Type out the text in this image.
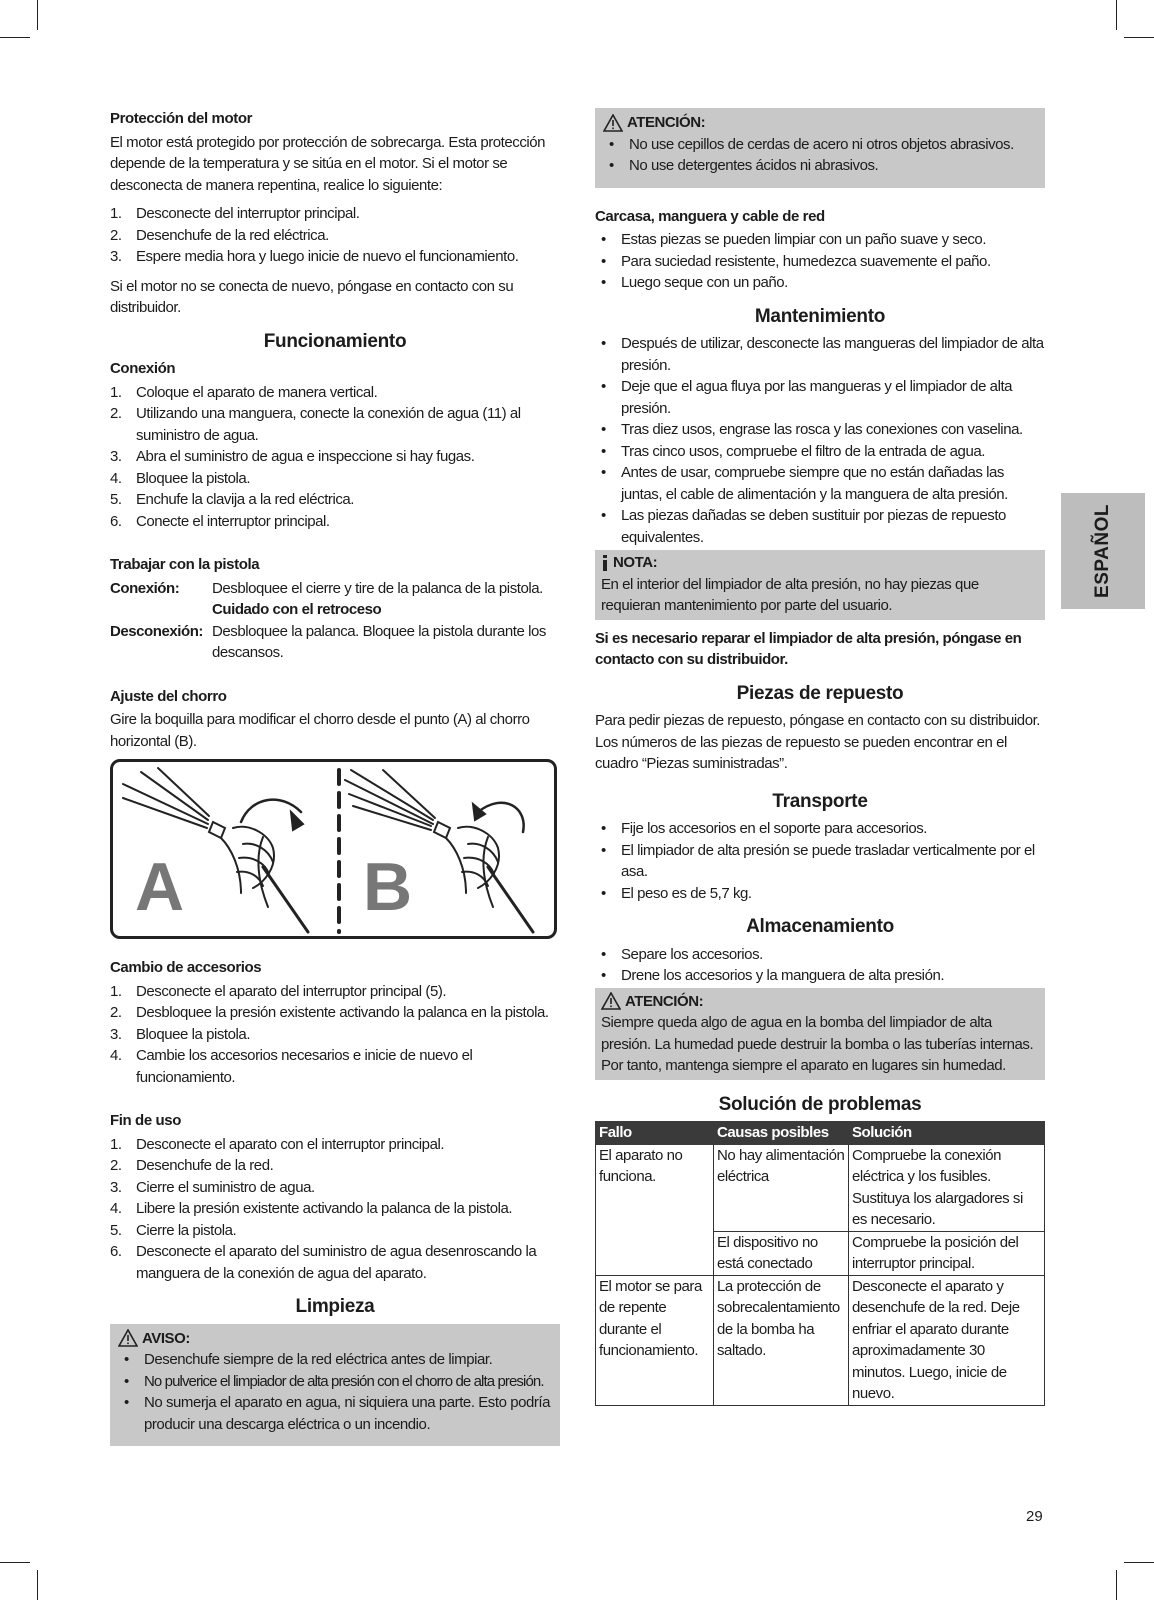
Protección del motor

El motor está protegido por protección de sobrecarga. Esta protección depende de la temperatura y se sitúa en el motor. Si el motor se desconecta de manera repentina, realice lo siguiente:

1. Desconecte del interruptor principal.
2. Desenchufe de la red eléctrica.
3. Espere media hora y luego inicie de nuevo el funcionamiento.

Si el motor no se conecta de nuevo, póngase en contacto con su distribuidor.

Funcionamiento
Conexión
1. Coloque el aparato de manera vertical.
2. Utilizando una manguera, conecte la conexión de agua (11) al suministro de agua.
3. Abra el suministro de agua e inspeccione si hay fugas.
4. Bloquee la pistola.
5. Enchufe la clavija a la red eléctrica.
6. Conecte el interruptor principal.
Trabajar con la pistola
Conexión:	Desbloquee el cierre y tire de la palanca de la pistola.
Cuidado con el retroceso
Desconexión: Desbloquee la palanca. Bloquee la pistola durante los descansos.
Ajuste del chorro

Gire la boquilla para modificar el chorro desde el punto (A) al chorro horizontal (B).

A	B
Cambio de accesorios
1. Desconecte el aparato del interruptor principal (5).
2. Desbloquee la presión existente activando la palanca en la pistola.
3. Bloquee la pistola.
4. Cambie los accesorios necesarios e inicie de nuevo el funcionamiento.
Fin de uso
1. Desconecte el aparato con el interruptor principal.
2. Desenchufe de la red.
3. Cierre el suministro de agua.
4. Libere la presión existente activando la palanca de la pistola.
5. Cierre la pistola.
6. Desconecte el aparato del suministro de agua desenroscando la manguera de la conexión de agua del aparato.
Limpieza
AVISO:
• Desenchufe siempre de la red eléctrica antes de limpiar.
• No pulverice el limpiador de alta presión con el chorro de alta presión.
• No sumerja el aparato en agua, ni siquiera una parte. Esto podría producir una descarga eléctrica o un incendio.
ATENCIÓN:
• No use cepillos de cerdas de acero ni otros objetos abrasivos.
• No use detergentes ácidos ni abrasivos.
Carcasa, manguera y cable de red
• Estas piezas se pueden limpiar con un paño suave y seco.
• Para suciedad resistente, humedezca suavemente el paño.
• Luego seque con un paño.
Mantenimiento
• Después de utilizar, desconecte las mangueras del limpiador de alta presión.
• Deje que el agua fluya por las mangueras y el limpiador de alta presión.
• Tras diez usos, engrase las rosca y las conexiones con vaselina.
• Tras cinco usos, compruebe el filtro de la entrada de agua.
• Antes de usar, compruebe siempre que no están dañadas las juntas, el cable de alimentación y la manguera de alta presión.
• Las piezas dañadas se deben sustituir por piezas de repuesto equivalentes.
NOTA:
En el interior del limpiador de alta presión, no hay piezas que requieran mantenimiento por parte del usuario.

Si es necesario reparar el limpiador de alta presión, póngase en contacto con su distribuidor.

Piezas de repuesto

Para pedir piezas de repuesto, póngase en contacto con su distribuidor. Los números de las piezas de repuesto se pueden encontrar en el cuadro “Piezas suministradas”.

Transporte
• Fije los accesorios en el soporte para accesorios.
• El limpiador de alta presión se puede trasladar verticalmente por el asa.
• El peso es de 5,7 kg.
Almacenamiento
• Separe los accesorios.
• Drene los accesorios y la manguera de alta presión.
ATENCIÓN:
Siempre queda algo de agua en la bomba del limpiador de alta presión. La humedad puede destruir la bomba o las tuberías internas. Por tanto, mantenga siempre el aparato en lugares sin humedad.
Solución de problemas
Fallo	Causas posibles	Solución
El aparato no funciona.	No hay alimentación eléctrica	Compruebe la conexión eléctrica y los fusibles. Sustituya los alargadores si es necesario.
	El dispositivo no está conectado	Compruebe la posición del interruptor principal.
El motor se para de repente durante el funcionamiento.	La protección de sobrecalentamiento de la bomba ha saltado.	Desconecte el aparato y desenchufe de la red. Deje enfriar el aparato durante aproximadamente 30 minutos. Luego, inicie de nuevo.
ESPAÑOL
29
